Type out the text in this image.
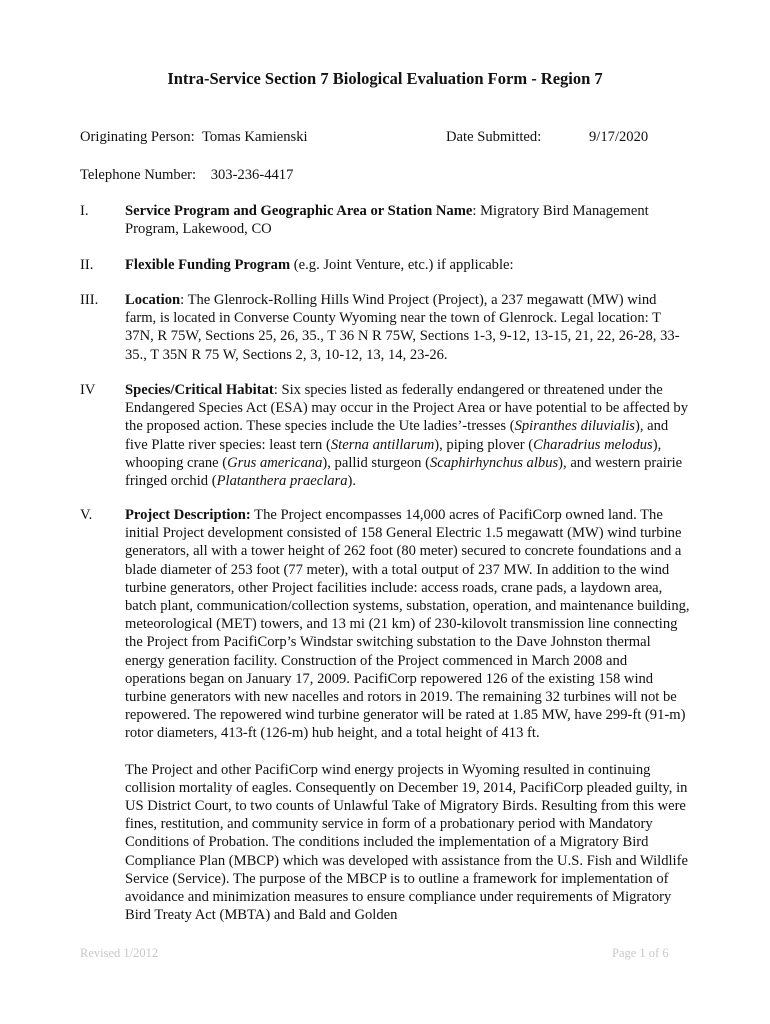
Intra-Service Section 7 Biological Evaluation Form - Region 7
Originating Person: Tomas Kamienski	Date Submitted:	9/17/2020
Telephone Number: 303-236-4417
I.	Service Program and Geographic Area or Station Name: Migratory Bird Management Program, Lakewood, CO

II.	Flexible Funding Program (e.g. Joint Venture, etc.) if applicable:

III.	Location: The Glenrock-Rolling Hills Wind Project (Project), a 237 megawatt (MW) wind farm, is located in Converse County Wyoming near the town of Glenrock. Legal location: T 37N, R 75W, Sections 25, 26, 35., T 36 N R 75W, Sections 1-3, 9-12, 13-15, 21, 22, 26-28, 33-35., T 35N R 75 W, Sections 2, 3, 10-12, 13, 14, 23-26.

IV	Species/Critical Habitat: Six species listed as federally endangered or threatened under the Endangered Species Act (ESA) may occur in the Project Area or have potential to be affected by the proposed action. These species include the Ute ladies’-tresses (Spiranthes diluvialis), and five Platte river species: least tern (Sterna antillarum), piping plover (Charadrius melodus), whooping crane (Grus americana), pallid sturgeon (Scaphirhynchus albus), and western prairie fringed orchid (Platanthera praeclara).

V.	Project Description: The Project encompasses 14,000 acres of PacifiCorp owned land. The initial Project development consisted of 158 General Electric 1.5 megawatt (MW) wind turbine generators, all with a tower height of 262 foot (80 meter) secured to concrete foundations and a blade diameter of 253 foot (77 meter), with a total output of 237 MW. In addition to the wind turbine generators, other Project facilities include: access roads, crane pads, a laydown area, batch plant, communication/collection systems, substation, operation, and maintenance building, meteorological (MET) towers, and 13 mi (21 km) of 230-kilovolt transmission line connecting the Project from PacifiCorp’s Windstar switching substation to the Dave Johnston thermal energy generation facility. Construction of the Project commenced in March 2008 and operations began on January 17, 2009. PacifiCorp repowered 126 of the existing 158 wind turbine generators with new nacelles and rotors in 2019. The remaining 32 turbines will not be repowered. The repowered wind turbine generator will be rated at 1.85 MW, have 299-ft (91-m) rotor diameters, 413-ft (126-m) hub height, and a total height of 413 ft.

The Project and other PacifiCorp wind energy projects in Wyoming resulted in continuing collision mortality of eagles. Consequently on December 19, 2014, PacifiCorp pleaded guilty, in US District Court, to two counts of Unlawful Take of Migratory Birds. Resulting from this were fines, restitution, and community service in form of a probationary period with Mandatory Conditions of Probation. The conditions included the implementation of a Migratory Bird Compliance Plan (MBCP) which was developed with assistance from the U.S. Fish and Wildlife Service (Service). The purpose of the MBCP is to outline a framework for implementation of avoidance and minimization measures to ensure compliance under requirements of Migratory Bird Treaty Act (MBTA) and Bald and Golden

Revised 1/2012	Page 1 of 6
